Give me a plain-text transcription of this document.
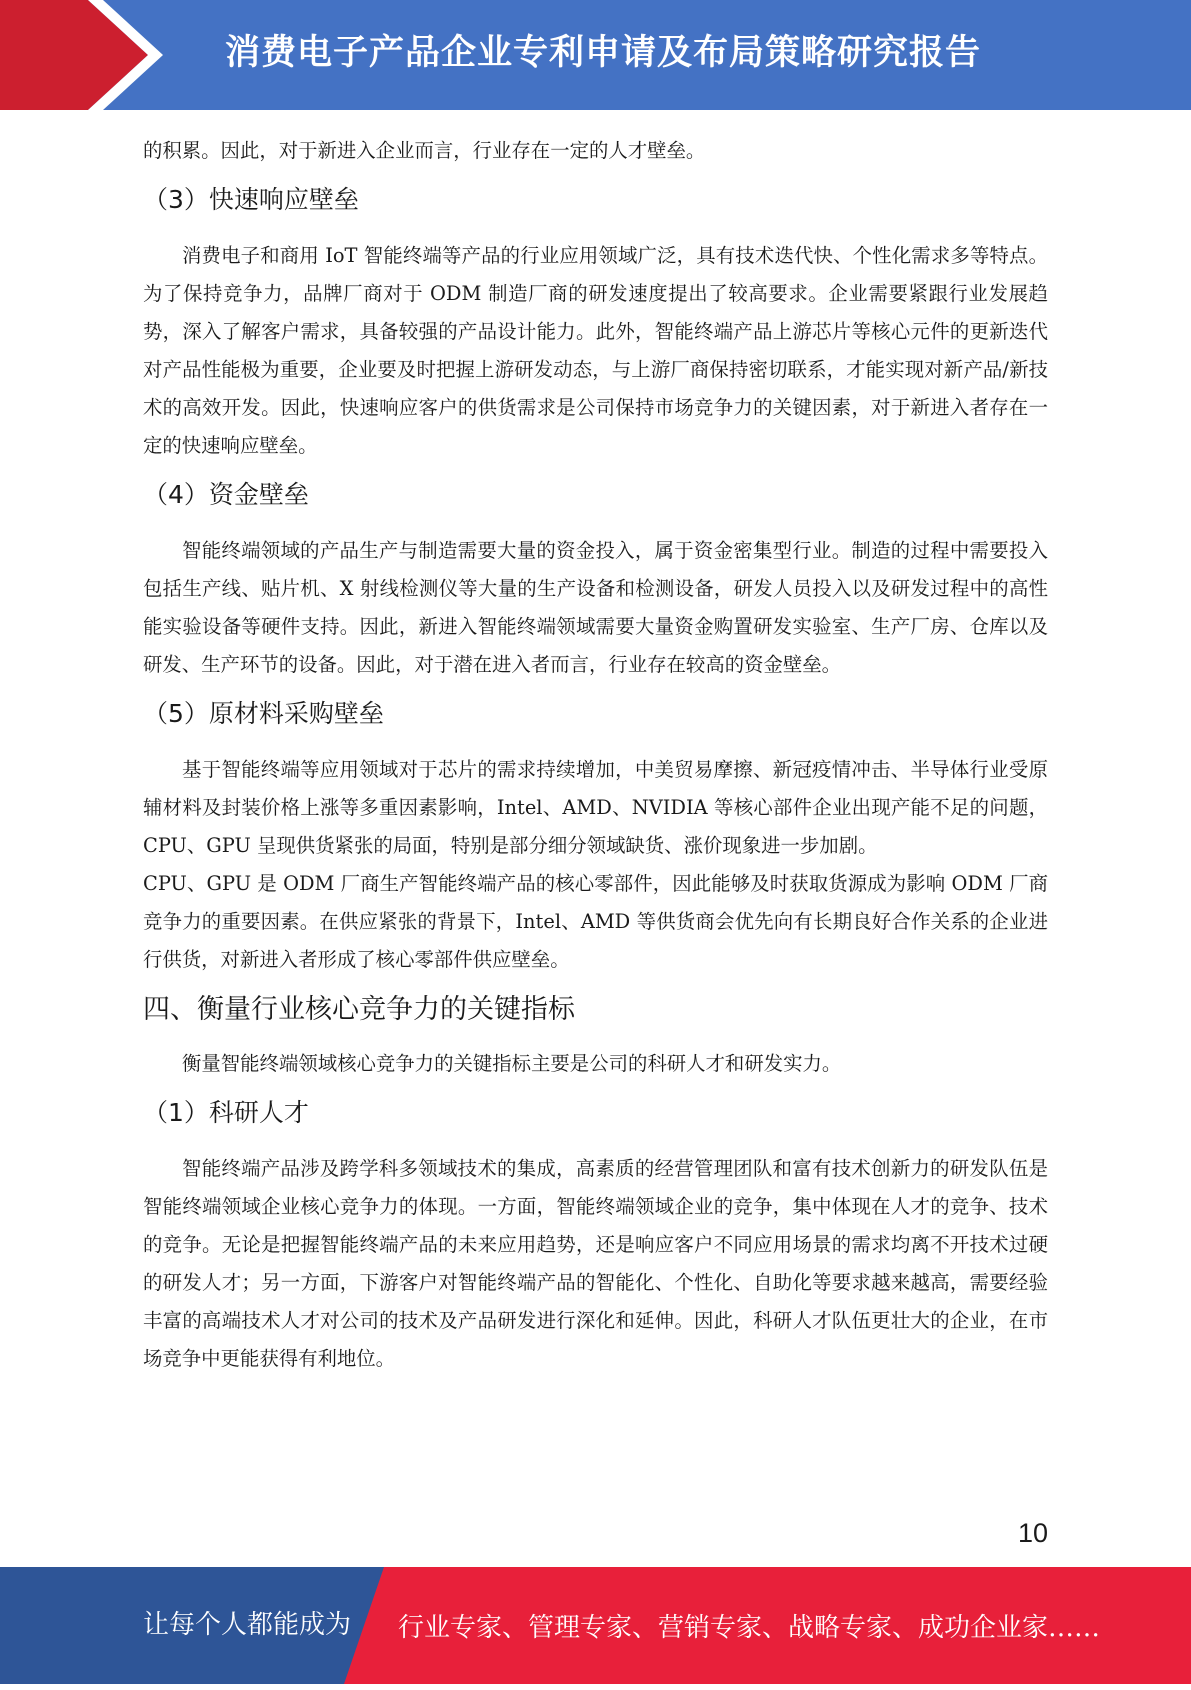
消费电子产品企业专利申请及布局策略研究报告

的积累。因此，对于新进入企业而言，行业存在一定的人才壁垒。

（3）快速响应壁垒

消费电子和商用 IoT 智能终端等产品的行业应用领域广泛，具有技术迭代快、个性化需求多等特点。为了保持竞争力，品牌厂商对于 ODM 制造厂商的研发速度提出了较高要求。企业需要紧跟行业发展趋势，深入了解客户需求，具备较强的产品设计能力。此外，智能终端产品上游芯片等核心元件的更新迭代对产品性能极为重要，企业要及时把握上游研发动态，与上游厂商保持密切联系，才能实现对新产品/新技术的高效开发。因此，快速响应客户的供货需求是公司保持市场竞争力的关键因素，对于新进入者存在一定的快速响应壁垒。

（4）资金壁垒

智能终端领域的产品生产与制造需要大量的资金投入，属于资金密集型行业。制造的过程中需要投入包括生产线、贴片机、X 射线检测仪等大量的生产设备和检测设备，研发人员投入以及研发过程中的高性能实验设备等硬件支持。因此，新进入智能终端领域需要大量资金购置研发实验室、生产厂房、仓库以及研发、生产环节的设备。因此，对于潜在进入者而言，行业存在较高的资金壁垒。

（5）原材料采购壁垒

基于智能终端等应用领域对于芯片的需求持续增加，中美贸易摩擦、新冠疫情冲击、半导体行业受原辅材料及封装价格上涨等多重因素影响，Intel、AMD、NVIDIA 等核心部件企业出现产能不足的问题，CPU、GPU 呈现供货紧张的局面，特别是部分细分领域缺货、涨价现象进一步加剧。

CPU、GPU 是 ODM 厂商生产智能终端产品的核心零部件，因此能够及时获取货源成为影响 ODM 厂商竞争力的重要因素。在供应紧张的背景下，Intel、AMD 等供货商会优先向有长期良好合作关系的企业进行供货，对新进入者形成了核心零部件供应壁垒。

四、衡量行业核心竞争力的关键指标

衡量智能终端领域核心竞争力的关键指标主要是公司的科研人才和研发实力。

（1）科研人才

智能终端产品涉及跨学科多领域技术的集成，高素质的经营管理团队和富有技术创新力的研发队伍是智能终端领域企业核心竞争力的体现。一方面，智能终端领域企业的竞争，集中体现在人才的竞争、技术的竞争。无论是把握智能终端产品的未来应用趋势，还是响应客户不同应用场景的需求均离不开技术过硬的研发人才；另一方面，下游客户对智能终端产品的智能化、个性化、自助化等要求越来越高，需要经验丰富的高端技术人才对公司的技术及产品研发进行深化和延伸。因此，科研人才队伍更壮大的企业，在市场竞争中更能获得有利地位。

10
让每个人都能成为 行业专家、管理专家、营销专家、战略专家、成功企业家……
